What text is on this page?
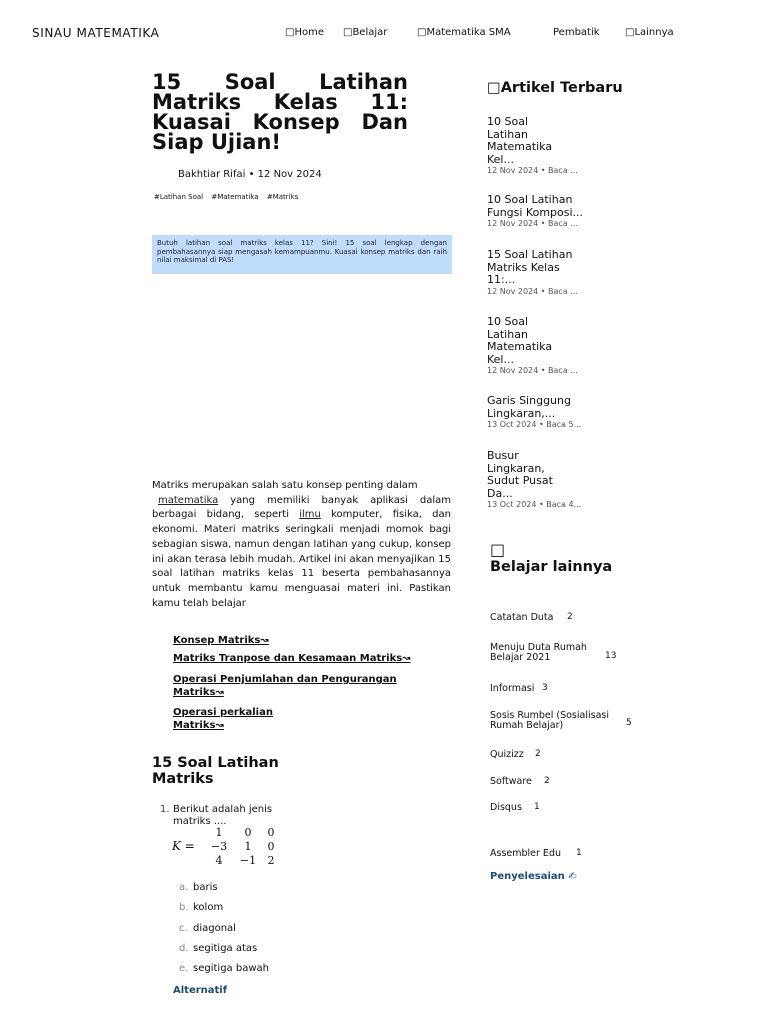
SINAU MATEMATIKA	□Home □Belajar	□Matematika SMA	Pembatik	□Lainnya
15 Soal Latihan Matriks Kelas 11: Kuasai Konsep Dan Siap Ujian!
Bakhtiar Rifai • 12 Nov 2024
#Latihan Soal #Matematika #Matriks
Butuh latihan soal matriks kelas 11? Sini! 15 soal lengkap dengan pembahasannya siap mengasah kemampuanmu. Kuasai konsep matriks dan raih nilai maksimal di PAS!

Matriks merupakan salah satu konsep penting dalam
matematika yang memiliki banyak aplikasi dalam berbagai bidang, seperti ilmu komputer, fisika, dan ekonomi. Materi matriks seringkali menjadi momok bagi sebagian siswa, namun dengan latihan yang cukup, konsep ini akan terasa lebih mudah. Artikel ini akan menyajikan 15 soal latihan matriks kelas 11 beserta pembahasannya untuk membantu kamu menguasai materi ini. Pastikan kamu telah belajar

Konsep Matriks↝
Matriks Tranpose dan Kesamaan Matriks↝
Operasi Penjumlahan dan Pengurangan Matriks↝
Operasi perkalian Matriks↝
15 Soal Latihan Matriks
1. Berikut adalah jenis matriks ....
K =
1	0	0
−3	1	0
4	−1	2
a. baris
b. kolom
c. diagonal
d. segitiga atas
e. segitiga bawah
Alternatif
□Artikel Terbaru
10 Soal Latihan Matematika Kel...
12 Nov 2024 • Baca ...
10 Soal Latihan Fungsi Komposi...
12 Nov 2024 • Baca ...
15 Soal Latihan Matriks Kelas 11:...
12 Nov 2024 • Baca ...
10 Soal Latihan Matematika Kel...
12 Nov 2024 • Baca ...
Garis Singgung Lingkaran,...
13 Oct 2024 • Baca 5...
Busur Lingkaran, Sudut Pusat Da...
13 Oct 2024 • Baca 4...
□
Belajar lainnya
Catatan Duta 2
Menuju Duta Rumah Belajar 2021	13
Informasi 3
Sosis Rumbel (Sosialisasi Rumah Belajar)	5
Quizizz 2
Software 2
Disqus 1
Assembler Edu 1
Penyelesaian ✍
